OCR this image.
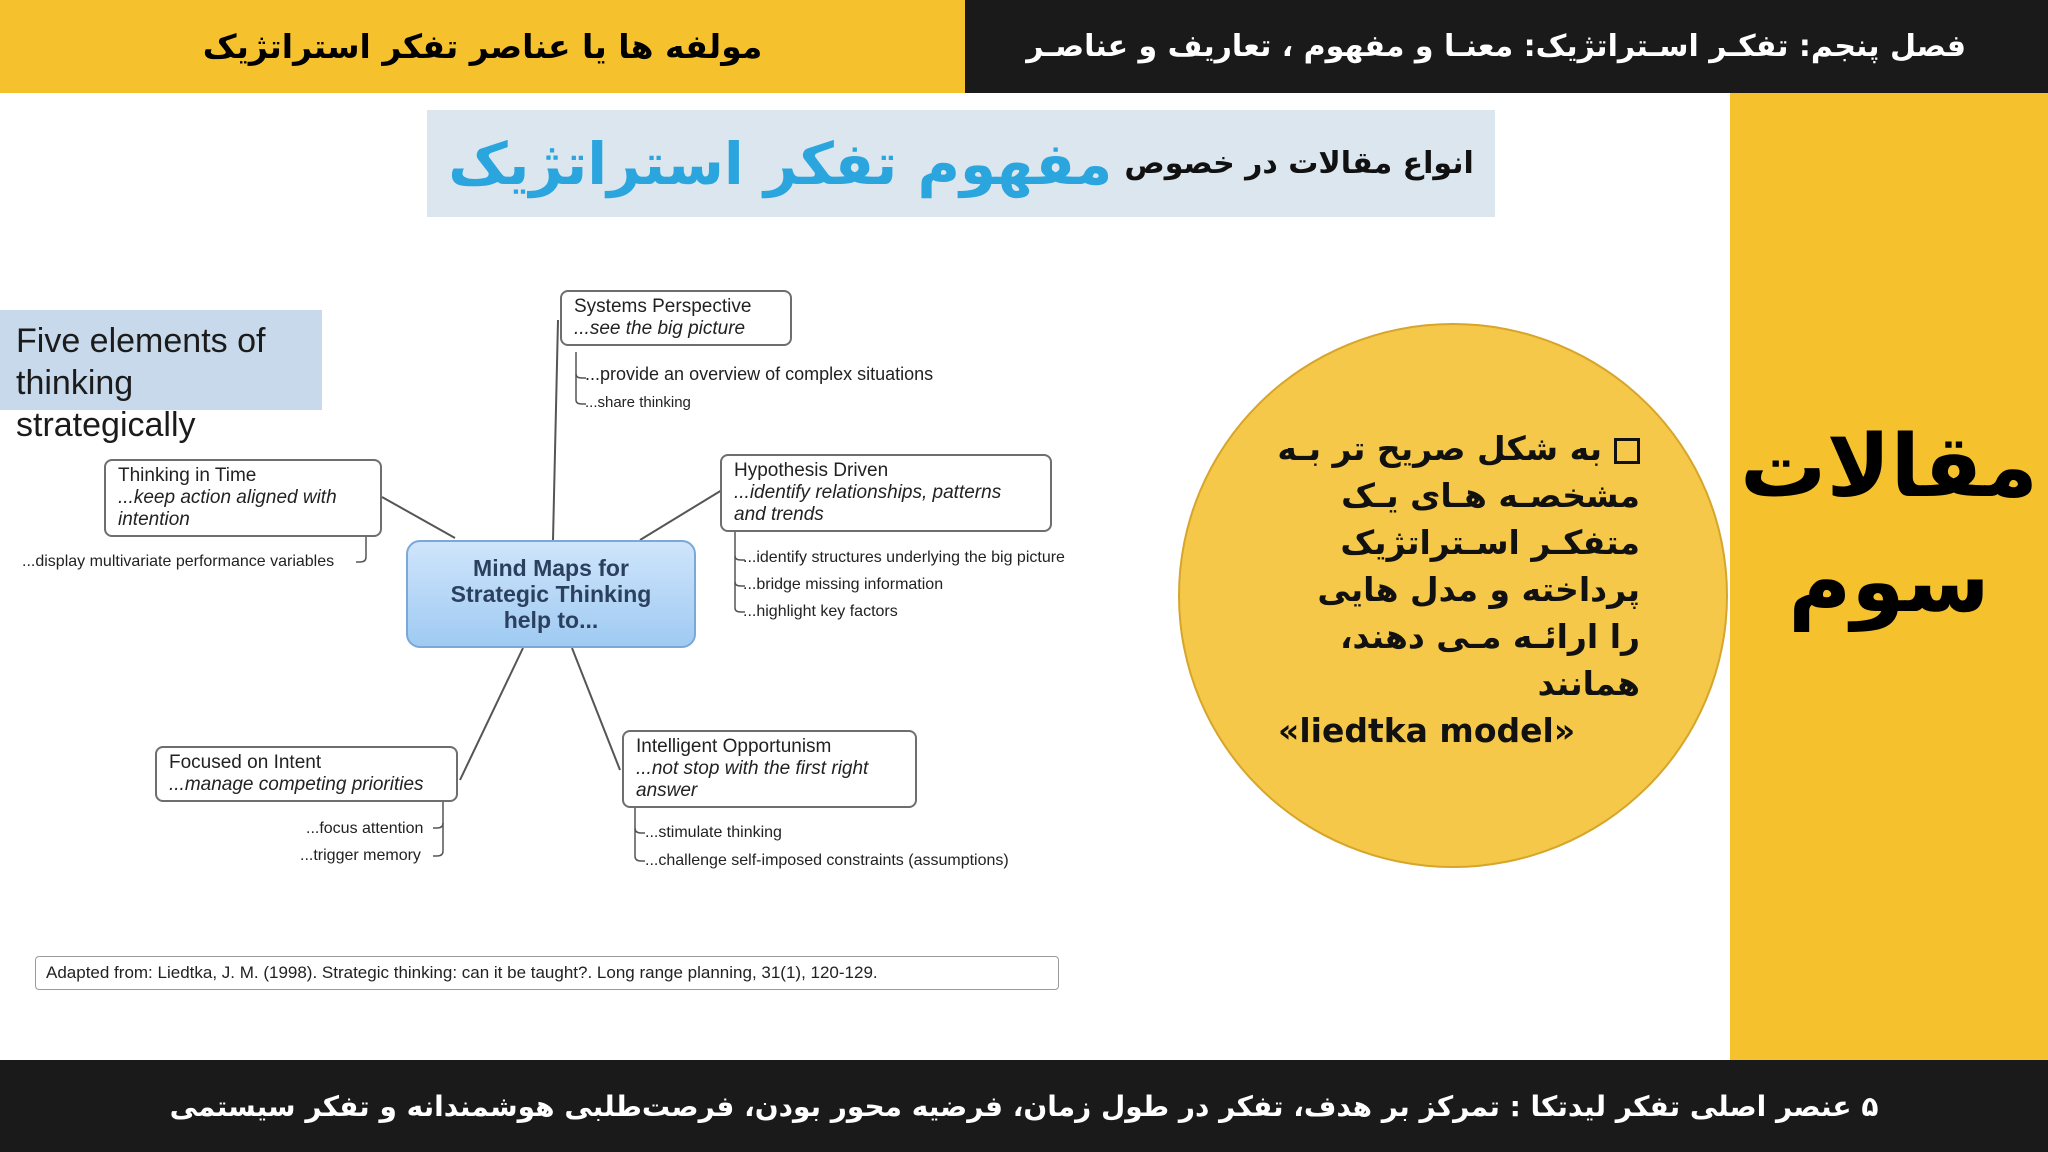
فصل پنجم: تفکـر اسـتراتژیک: معنـا و مفهوم ، تعاریف و عناصـر
مولفه ها یا عناصر تفکر استراتژیک
مقالات
سوم
انواع مقالات در خصوص
مفهوم تفکر استراتژیک
Five elements of
thinking strategically
Mind Maps for
Strategic Thinking
help to...
Systems Perspective
...see the big picture
...provide an overview of complex situations
...share thinking
Hypothesis Driven
...identify relationships, patterns and trends
...identify structures underlying the big picture
...bridge missing information
...highlight key factors
Thinking in Time
...keep action aligned with intention
...display multivariate performance variables
Focused on Intent
...manage competing priorities
...focus attention
...trigger memory
Intelligent Opportunism
...not stop with the first right answer
...stimulate thinking
...challenge self-imposed constraints (assumptions)
Adapted from: Liedtka, J. M. (1998). Strategic thinking: can it be taught?. Long range planning, 31(1), 120-129.
به شکل صریح تر بـه
مشخصـه هـای یـک
متفکـر اسـتراتژیک
پرداخته و مدل هایی
را ارائـه مـی دهند،
همانند
«liedtka model»
۵ عنصر اصلی تفکر لیدتکا : تمرکز بر هدف، تفکر در طول زمان، فرضیه محور بودن، فرصت‌طلبی هوشمندانه و تفکر سیستمی
